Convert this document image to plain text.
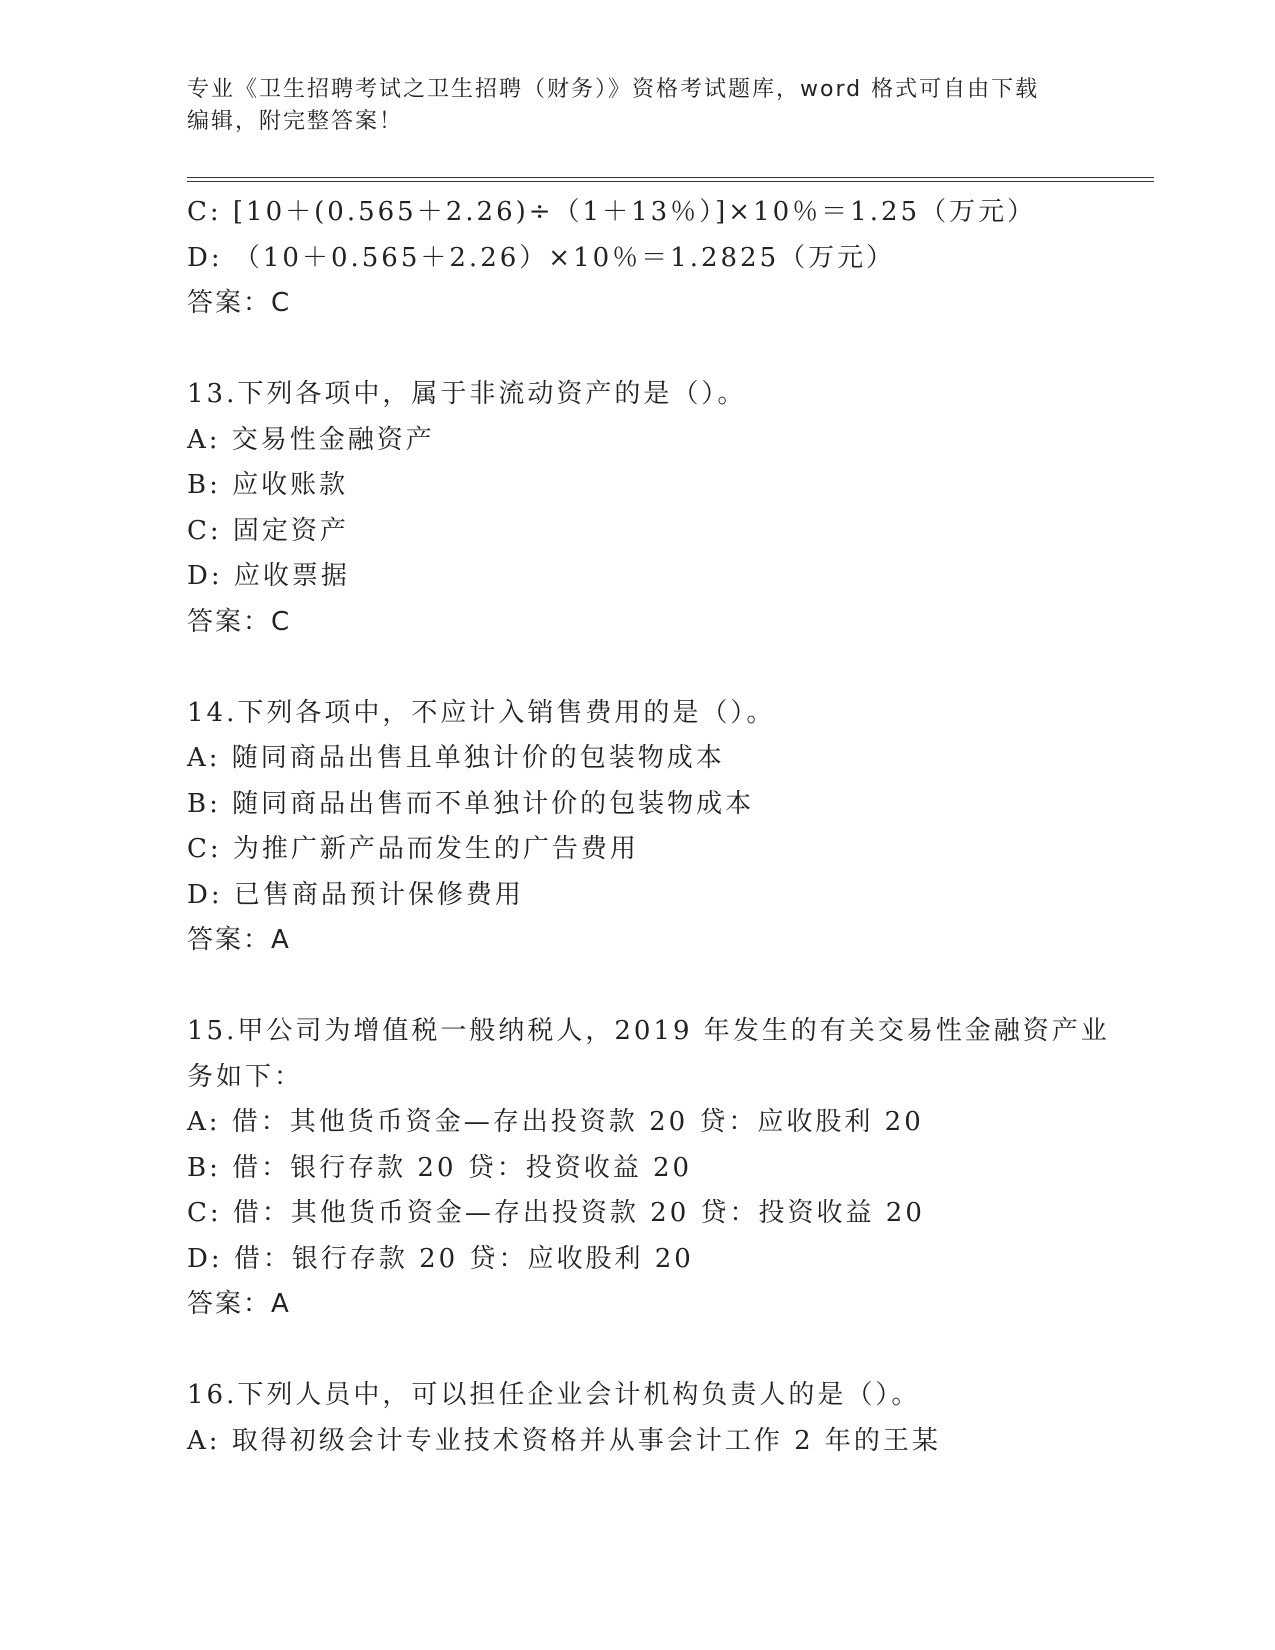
专业《卫生招聘考试之卫生招聘（财务）》资格考试题库，word 格式可自由下载
编辑，附完整答案！
C: [10＋(0.565＋2.26)÷（1＋13％）]×10％＝1.25（万元）
D: （10＋0.565＋2.26）×10％＝1.2825（万元）
答案：C
13.下列各项中，属于非流动资产的是（）。
A: 交易性金融资产
B: 应收账款
C: 固定资产
D: 应收票据
答案：C
14.下列各项中，不应计入销售费用的是（）。
A: 随同商品出售且单独计价的包装物成本
B: 随同商品出售而不单独计价的包装物成本
C: 为推广新产品而发生的广告费用
D: 已售商品预计保修费用
答案：A
15.甲公司为增值税一般纳税人，2019 年发生的有关交易性金融资产业
务如下：
A: 借：其他货币资金—存出投资款 20 贷：应收股利 20
B: 借：银行存款 20 贷：投资收益 20
C: 借：其他货币资金—存出投资款 20 贷：投资收益 20
D: 借：银行存款 20 贷：应收股利 20
答案：A
16.下列人员中，可以担任企业会计机构负责人的是（）。
A: 取得初级会计专业技术资格并从事会计工作 2 年的王某
